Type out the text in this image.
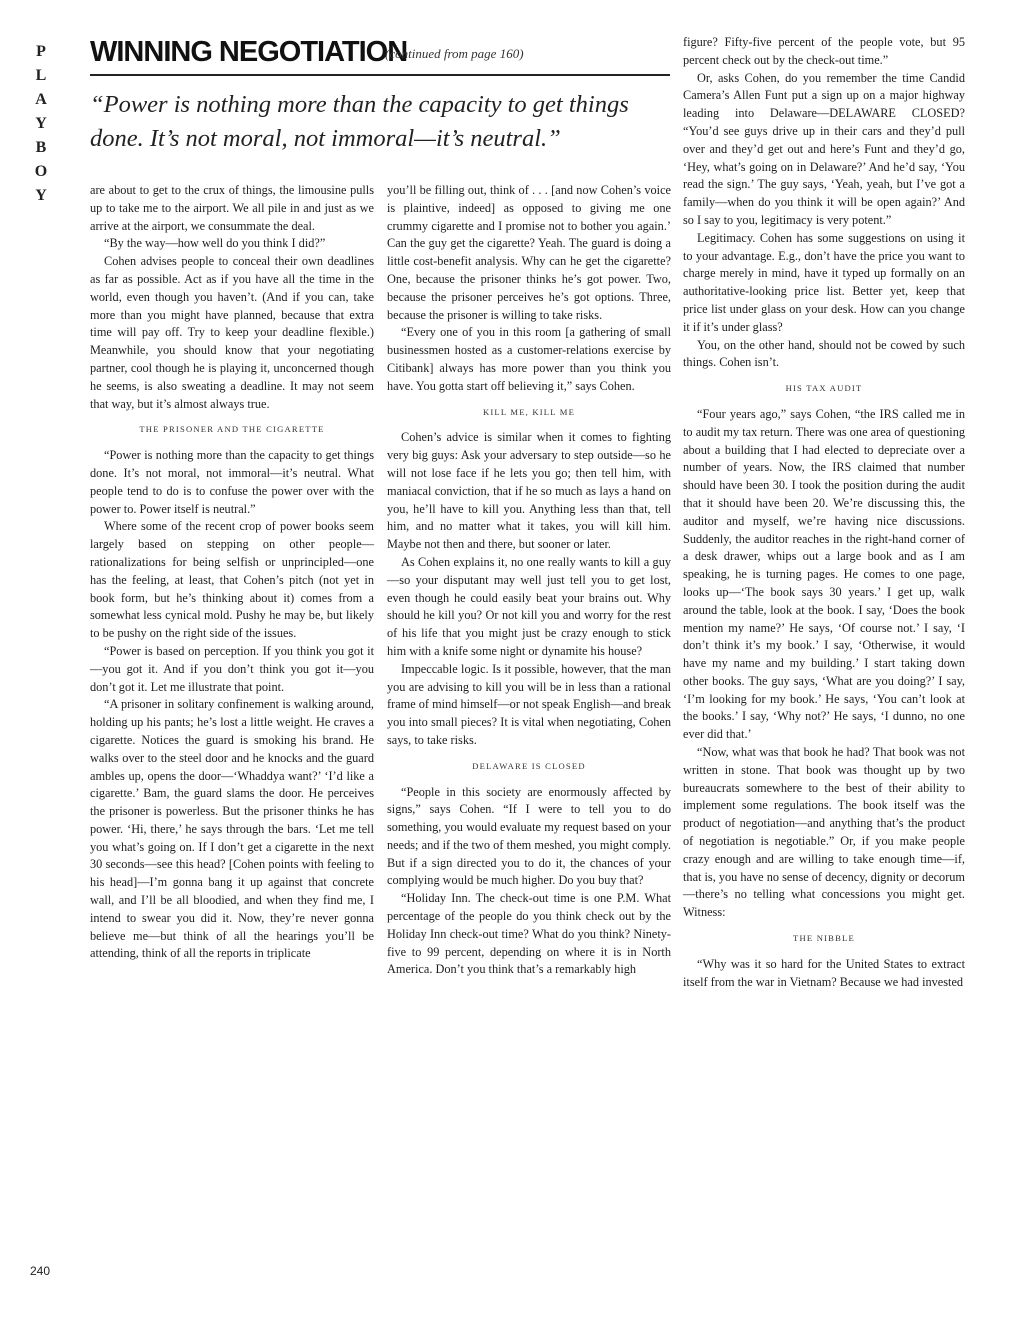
P
L
A
Y
B
O
Y
WINNING NEGOTIATION
(continued from page 160)
“Power is nothing more than the capacity to get things done. It’s not moral, not immoral—it’s neutral.”

are about to get to the crux of things, the limousine pulls up to take me to the airport. We all pile in and just as we arrive at the airport, we consummate the deal.

“By the way—how well do you think I did?”

Cohen advises people to conceal their own deadlines as far as possible. Act as if you have all the time in the world, even though you haven’t. (And if you can, take more than you might have planned, because that extra time will pay off. Try to keep your deadline flexible.) Meanwhile, you should know that your negotiating partner, cool though he is playing it, unconcerned though he seems, is also sweating a deadline. It may not seem that way, but it’s almost always true.

THE PRISONER AND THE CIGARETTE

“Power is nothing more than the capacity to get things done. It’s not moral, not immoral—it’s neutral. What people tend to do is to confuse the power over with the power to. Power itself is neutral.”

Where some of the recent crop of power books seem largely based on stepping on other people—rationalizations for being selfish or unprincipled—one has the feeling, at least, that Cohen’s pitch (not yet in book form, but he’s thinking about it) comes from a somewhat less cynical mold. Pushy he may be, but likely to be pushy on the right side of the issues.

“Power is based on perception. If you think you got it—you got it. And if you don’t think you got it—you don’t got it. Let me illustrate that point.

“A prisoner in solitary confinement is walking around, holding up his pants; he’s lost a little weight. He craves a cigarette. Notices the guard is smoking his brand. He walks over to the steel door and he knocks and the guard ambles up, opens the door—‘Whaddya want?’ ‘I’d like a cigarette.’ Bam, the guard slams the door. He perceives the prisoner is powerless. But the prisoner thinks he has power. ‘Hi, there,’ he says through the bars. ‘Let me tell you what’s going on. If I don’t get a cigarette in the next 30 seconds—see this head? [Cohen points with feeling to his head]—I’m gonna bang it up against that concrete wall, and I’ll be all bloodied, and when they find me, I intend to swear you did it. Now, they’re never gonna believe me—but think of all the hearings you’ll be attending, think of all the reports in triplicate

you’ll be filling out, think of . . . [and now Cohen’s voice is plaintive, indeed] as opposed to giving me one crummy cigarette and I promise not to bother you again.’ Can the guy get the cigarette? Yeah. The guard is doing a little cost-benefit analysis. Why can he get the cigarette? One, because the prisoner thinks he’s got power. Two, because the prisoner perceives he’s got options. Three, because the prisoner is willing to take risks.

“Every one of you in this room [a gathering of small businessmen hosted as a customer-relations exercise by Citibank] always has more power than you think you have. You gotta start off believing it,” says Cohen.

KILL ME, KILL ME

Cohen’s advice is similar when it comes to fighting very big guys: Ask your adversary to step outside—so he will not lose face if he lets you go; then tell him, with maniacal conviction, that if he so much as lays a hand on you, he’ll have to kill you. Anything less than that, tell him, and no matter what it takes, you will kill him. Maybe not then and there, but sooner or later.

As Cohen explains it, no one really wants to kill a guy—so your disputant may well just tell you to get lost, even though he could easily beat your brains out. Why should he kill you? Or not kill you and worry for the rest of his life that you might just be crazy enough to stick him with a knife some night or dynamite his house?

Impeccable logic. Is it possible, however, that the man you are advising to kill you will be in less than a rational frame of mind himself—or not speak English—and break you into small pieces? It is vital when negotiating, Cohen says, to take risks.

DELAWARE IS CLOSED

“People in this society are enormously affected by signs,” says Cohen. “If I were to tell you to do something, you would evaluate my request based on your needs; and if the two of them meshed, you might comply. But if a sign directed you to do it, the chances of your complying would be much higher. Do you buy that?

“Holiday Inn. The check-out time is one P.M. What percentage of the people do you think check out by the Holiday Inn check-out time? What do you think? Ninety-five to 99 percent, depending on where it is in North America. Don’t you think that’s a remarkably high

figure? Fifty-five percent of the people vote, but 95 percent check out by the check-out time.”

Or, asks Cohen, do you remember the time Candid Camera’s Allen Funt put a sign up on a major highway leading into Delaware—DELAWARE CLOSED? “You’d see guys drive up in their cars and they’d pull over and they’d get out and here’s Funt and they’d go, ‘Hey, what’s going on in Delaware?’ And he’d say, ‘You read the sign.’ The guy says, ‘Yeah, yeah, but I’ve got a family—when do you think it will be open again?’ And so I say to you, legitimacy is very potent.”

Legitimacy. Cohen has some suggestions on using it to your advantage. E.g., don’t have the price you want to charge merely in mind, have it typed up formally on an authoritative-looking price list. Better yet, keep that price list under glass on your desk. How can you change it if it’s under glass?

You, on the other hand, should not be cowed by such things. Cohen isn’t.

HIS TAX AUDIT

“Four years ago,” says Cohen, “the IRS called me in to audit my tax return. There was one area of questioning about a building that I had elected to depreciate over a number of years. Now, the IRS claimed that number should have been 30. I took the position during the audit that it should have been 20. We’re discussing this, the auditor and myself, we’re having nice discussions. Suddenly, the auditor reaches in the right-hand corner of a desk drawer, whips out a large book and as I am speaking, he is turning pages. He comes to one page, looks up—‘The book says 30 years.’ I get up, walk around the table, look at the book. I say, ‘Does the book mention my name?’ He says, ‘Of course not.’ I say, ‘I don’t think it’s my book.’ I say, ‘Otherwise, it would have my name and my building.’ I start taking down other books. The guy says, ‘What are you doing?’ I say, ‘I’m looking for my book.’ He says, ‘You can’t look at the books.’ I say, ‘Why not?’ He says, ‘I dunno, no one ever did that.’

“Now, what was that book he had? That book was not written in stone. That book was thought up by two bureaucrats somewhere to the best of their ability to implement some regulations. The book itself was the product of negotiation—and anything that’s the product of negotiation is negotiable.” Or, if you make people crazy enough and are willing to take enough time—if, that is, you have no sense of decency, dignity or decorum—there’s no telling what concessions you might get. Witness:

THE NIBBLE

“Why was it so hard for the United States to extract itself from the war in Vietnam? Because we had invested

240
